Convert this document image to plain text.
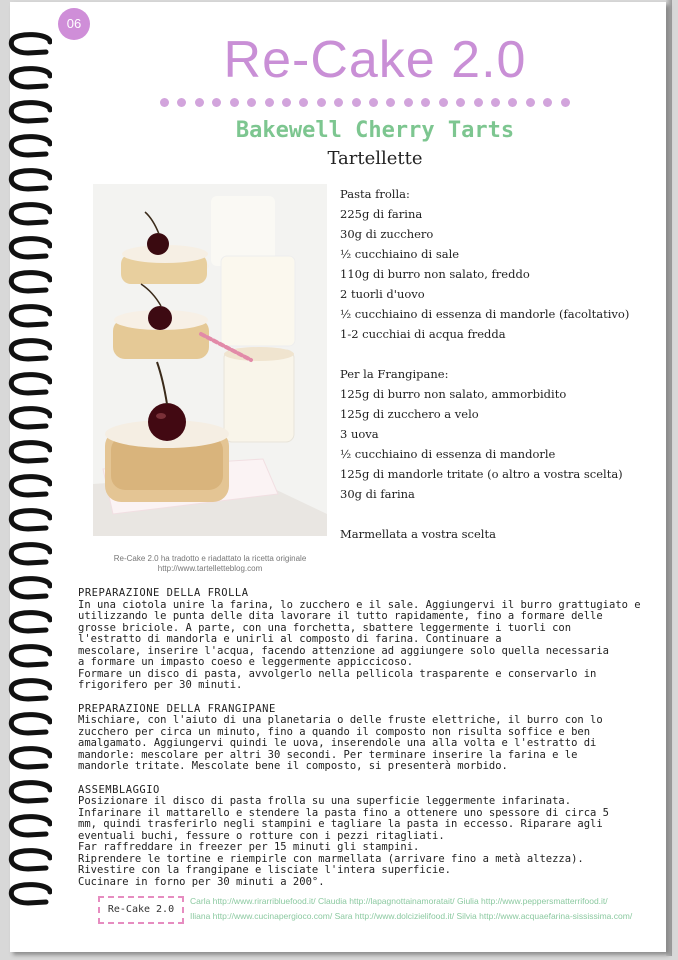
06
Re-Cake 2.0
Bakewell Cherry Tarts
Tartellette
Re-Cake 2.0 ha tradotto e riadattato la ricetta originale
http://www.tartelletteblog.com
Pasta frolla:
225g di farina
30g di zucchero
½ cucchiaino di sale
110g di burro non salato, freddo
2 tuorli d'uovo
½ cucchiaino di essenza di mandorle (facoltativo)
1-2 cucchiai di acqua fredda
Per la Frangipane:
125g di burro non salato, ammorbidito
125g di zucchero a velo
3 uova
½ cucchiaino di essenza di mandorle
125g di mandorle tritate (o altro a vostra scelta)
30g di farina
Marmellata a vostra scelta
PREPARAZIONE DELLA FROLLA
In una ciotola unire la farina, lo zucchero e il sale. Aggiungervi il burro grattugiato e
utilizzando le punta delle dita lavorare il tutto rapidamente, fino a formare delle
grosse briciole. A parte, con una forchetta, sbattere leggermente i tuorli con
l'estratto di mandorla e unirli al composto di farina. Continuare a
mescolare, inserire l'acqua, facendo attenzione ad aggiungere solo quella necessaria
a formare un impasto coeso e leggermente appiccicoso.
Formare un disco di pasta, avvolgerlo nella pellicola trasparente e conservarlo in
frigorifero per 30 minuti.
PREPARAZIONE DELLA FRANGIPANE
Mischiare, con l'aiuto di una planetaria o delle fruste elettriche, il burro con lo
zucchero per circa un minuto, fino a quando il composto non risulta soffice e ben
amalgamato. Aggiungervi quindi le uova, inserendole una alla volta e l'estratto di
mandorle: mescolare per altri 30 secondi. Per terminare inserire la farina e le
mandorle tritate. Mescolate bene il composto, si presenterà morbido.
ASSEMBLAGGIO
Posizionare il disco di pasta frolla su una superficie leggermente infarinata.
Infarinare il mattarello e stendere la pasta fino a ottenere uno spessore di circa 5
mm, quindi trasferirlo negli stampini e tagliare la pasta in eccesso. Riparare agli
eventuali buchi, fessure o rotture con i pezzi ritagliati.
Far raffreddare in freezer per 15 minuti gli stampini.
Riprendere le tortine e riempirle con marmellata (arrivare fino a metà altezza).
Rivestire con la frangipane e lisciate l'intera superficie.
Cucinare in forno per 30 minuti a 200°.
Re-Cake 2.0
Carla http://www.rirarribluefood.it/ Claudia http://lapagnottainamoratait/ Giulia http://www.peppersmatterrifood.it/
Iliana http://www.cucinapergioco.com/ Sara http://www.dolcizielifood.it/ Silvia http://www.acquaefarina-sississima.com/
